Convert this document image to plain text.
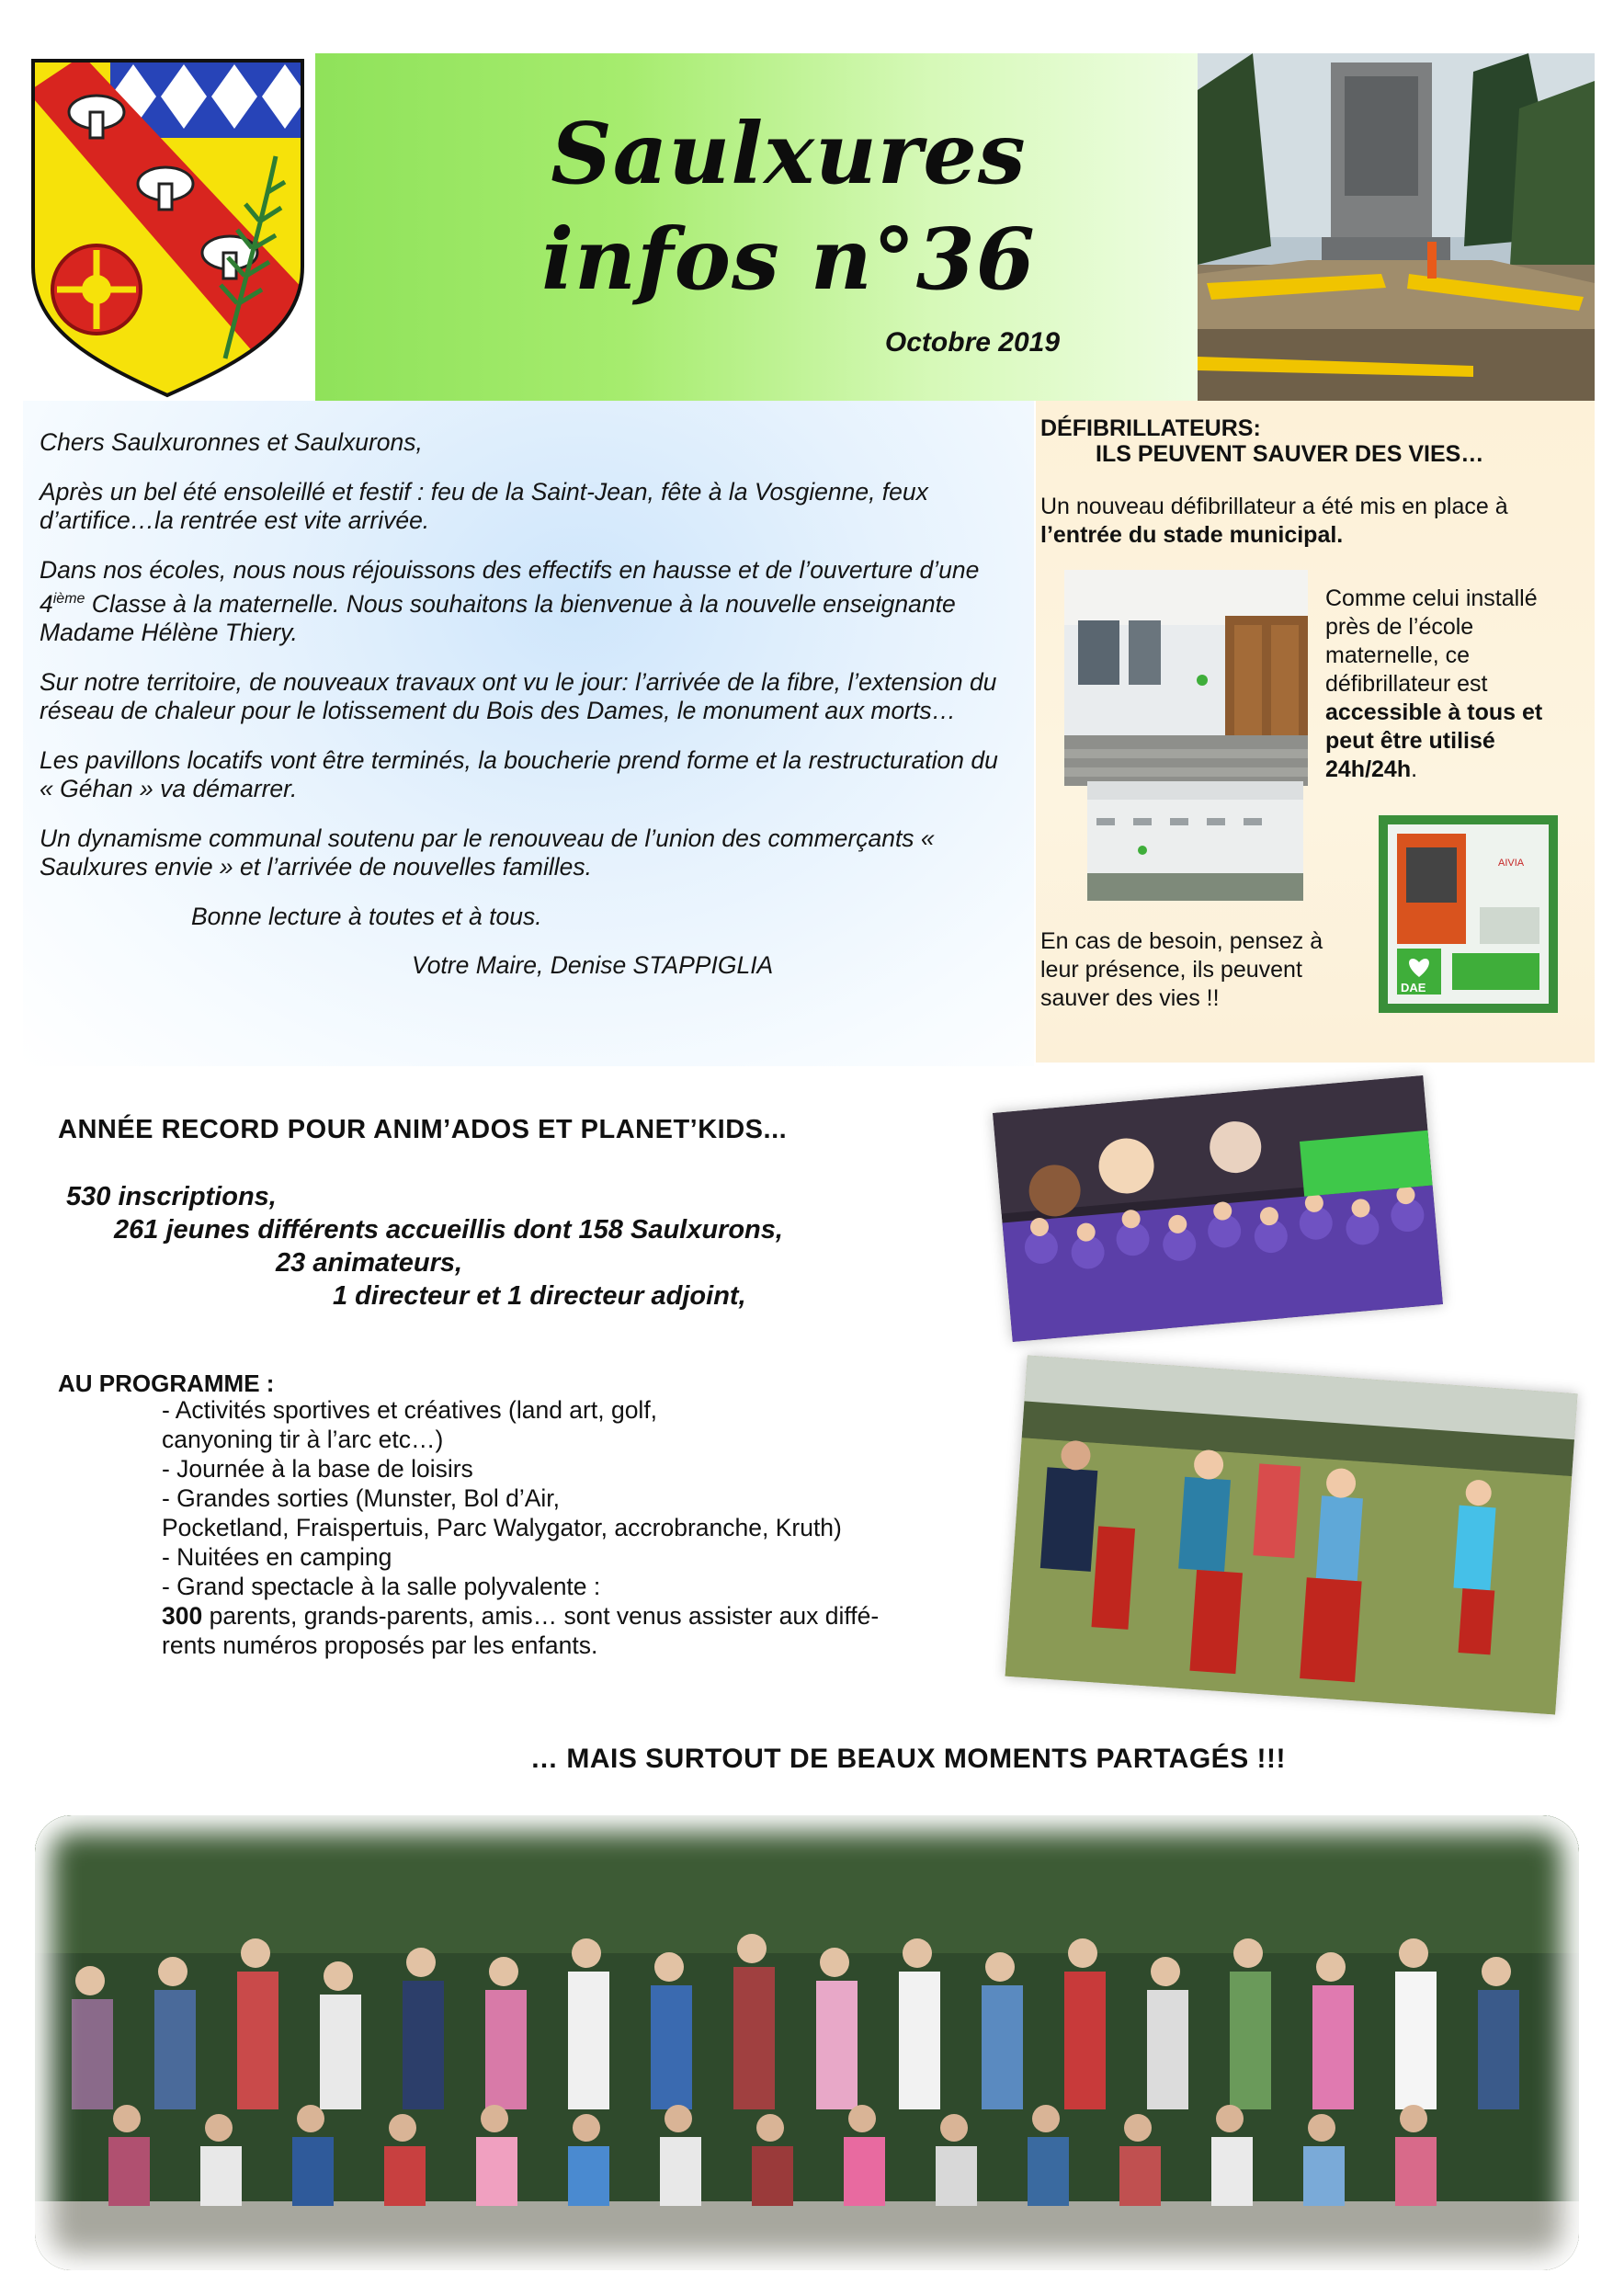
Saulxures
infos n°36
Octobre 2019

Chers Saulxuronnes et Saulxurons,

Après un bel été ensoleillé et festif : feu de la Saint-Jean, fête à la Vosgienne, feux d’artifice…la rentrée est vite arrivée.

Dans nos écoles, nous nous réjouissons des effectifs en hausse et de l’ouverture d’une 4ième Classe à la maternelle. Nous souhaitons la bienvenue à la nouvelle enseignante Madame Hélène Thiery.

Sur notre territoire, de nouveaux travaux ont vu le jour: l’arrivée de la fibre, l’extension du réseau de chaleur pour le lotissement du Bois des Dames, le monument aux morts…

Les pavillons locatifs vont être terminés, la boucherie prend forme et la restructuration du « Géhan » va démarrer.

Un dynamisme communal soutenu par le renouveau de l’union des commerçants « Saulxures envie » et l’arrivée de nouvelles familles.

Bonne lecture à toutes et à tous.

Votre Maire, Denise STAPPIGLIA

DÉFIBRILLATEURS:
ILS PEUVENT SAUVER DES VIES…
Un nouveau défibrillateur a été mis en place à l’entrée du stade municipal.
Comme celui installé près de l’école maternelle, ce défibrillateur est accessible à tous et peut être utilisé 24h/24h.
En cas de besoin, pensez à leur présence, ils peuvent sauver des vies !!	DAE
AIVIA
ANNÉE RECORD POUR ANIM’ADOS ET PLANET’KIDS...
530 inscriptions,
261 jeunes différents accueillis dont 158 Saulxurons,
23 animateurs,
1 directeur et 1 directeur adjoint,
AU PROGRAMME :
- Activités sportives et créatives (land art, golf,
canyoning tir à l’arc etc…)
- Journée à la base de loisirs
- Grandes sorties (Munster, Bol d’Air,
Pocketland, Fraispertuis, Parc Walygator, accrobranche, Kruth)
- Nuitées en camping
- Grand spectacle à la salle polyvalente :
300 parents, grands-parents, amis… sont venus assister aux diffé-
rents numéros proposés par les enfants.
… MAIS SURTOUT DE BEAUX MOMENTS PARTAGÉS !!!
